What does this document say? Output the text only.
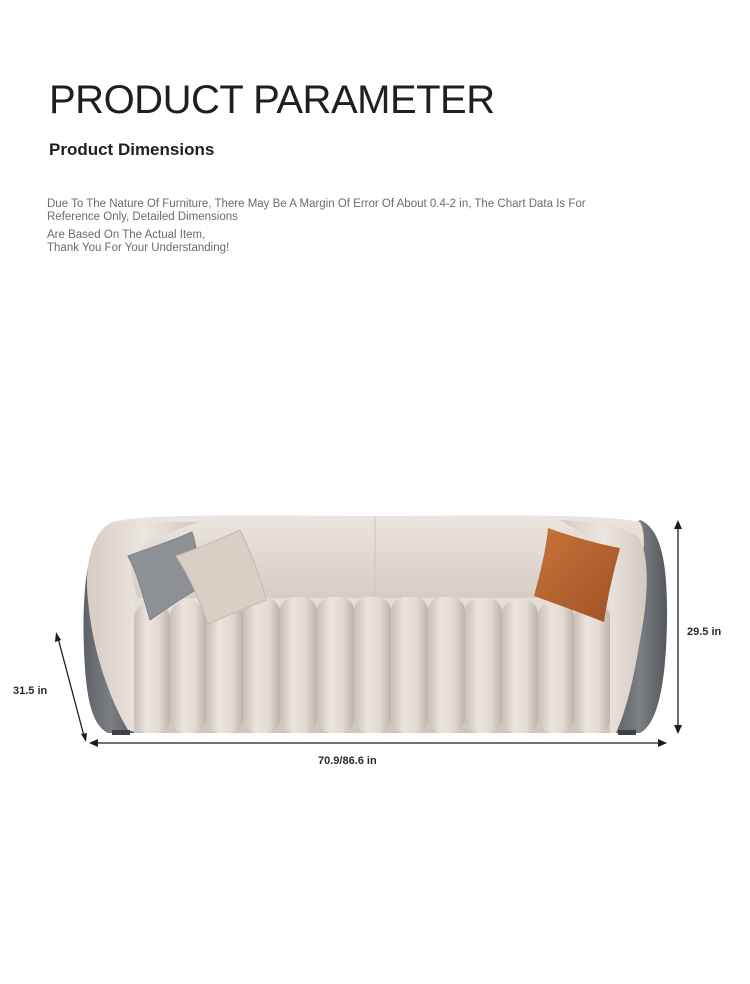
PRODUCT PARAMETER
Product Dimensions

Due To The Nature Of Furniture, There May Be A Margin Of Error Of About 0.4-2 in, The Chart Data Is For
Reference Only, Detailed Dimensions

Are Based On The Actual Item,
Thank You For Your Understanding!

31.5 in
29.5 in
70.9/86.6 in
